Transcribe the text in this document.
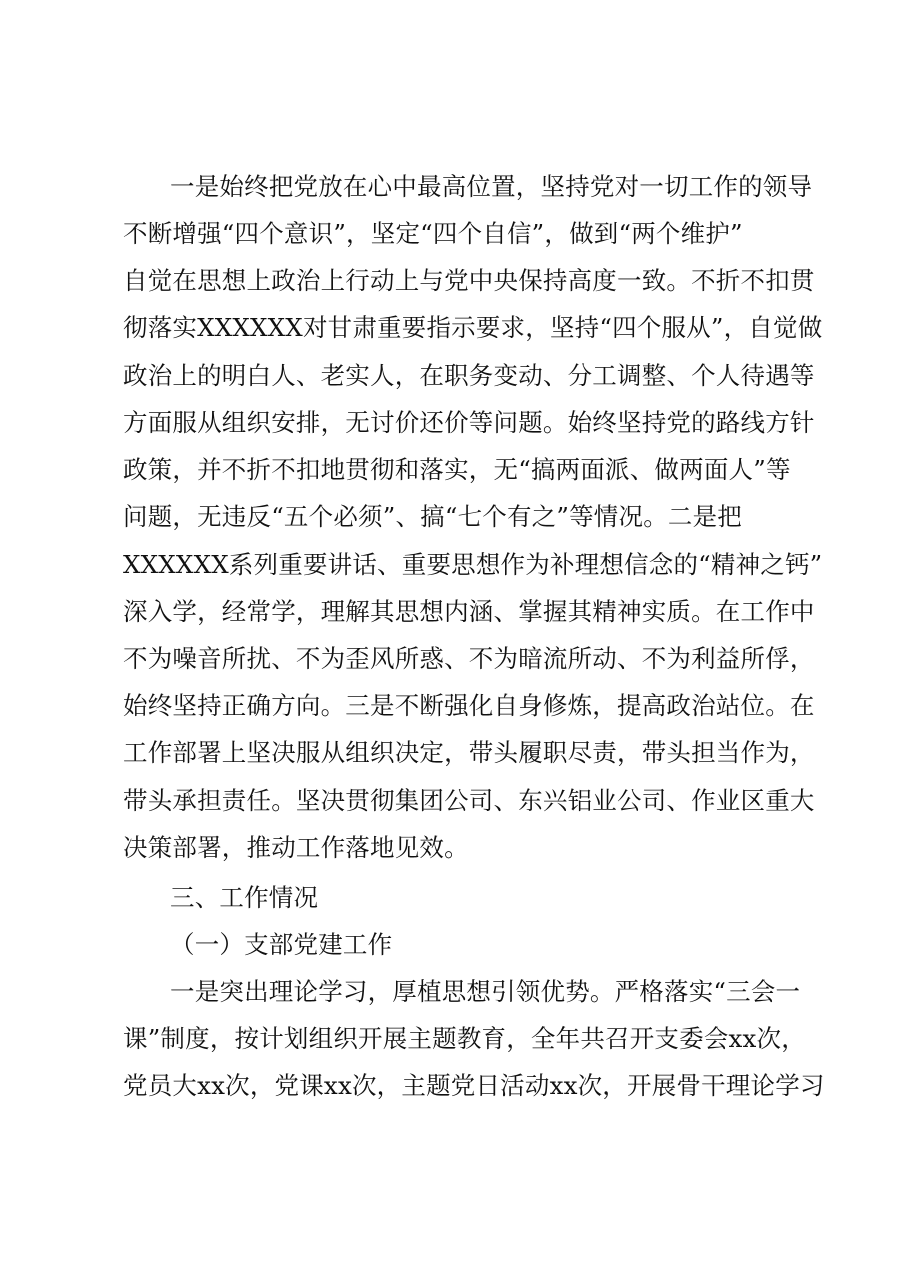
一是始终把党放在心中最高位置，坚持党对一切工作的领导
不断增强“四个意识”，坚定“四个自信”，做到“两个维护”
自觉在思想上政治上行动上与党中央保持高度一致。不折不扣贯
彻落实XXXXXX对甘肃重要指示要求，坚持“四个服从”，自觉做
政治上的明白人、老实人，在职务变动、分工调整、个人待遇等
方面服从组织安排，无讨价还价等问题。始终坚持党的路线方针
政策，并不折不扣地贯彻和落实，无“搞两面派、做两面人”等
问题，无违反“五个必须”、搞“七个有之”等情况。二是把
XXXXXX系列重要讲话、重要思想作为补理想信念的“精神之钙”
深入学，经常学，理解其思想内涵、掌握其精神实质。在工作中
不为噪音所扰、不为歪风所惑、不为暗流所动、不为利益所俘，
始终坚持正确方向。三是不断强化自身修炼，提高政治站位。在
工作部署上坚决服从组织决定，带头履职尽责，带头担当作为，
带头承担责任。坚决贯彻集团公司、东兴铝业公司、作业区重大
决策部署，推动工作落地见效。
三、工作情况
（一）支部党建工作
一是突出理论学习，厚植思想引领优势。严格落实“三会一
课”制度，按计划组织开展主题教育，全年共召开支委会xx次，
党员大xx次，党课xx次，主题党日活动xx次，开展骨干理论学习
